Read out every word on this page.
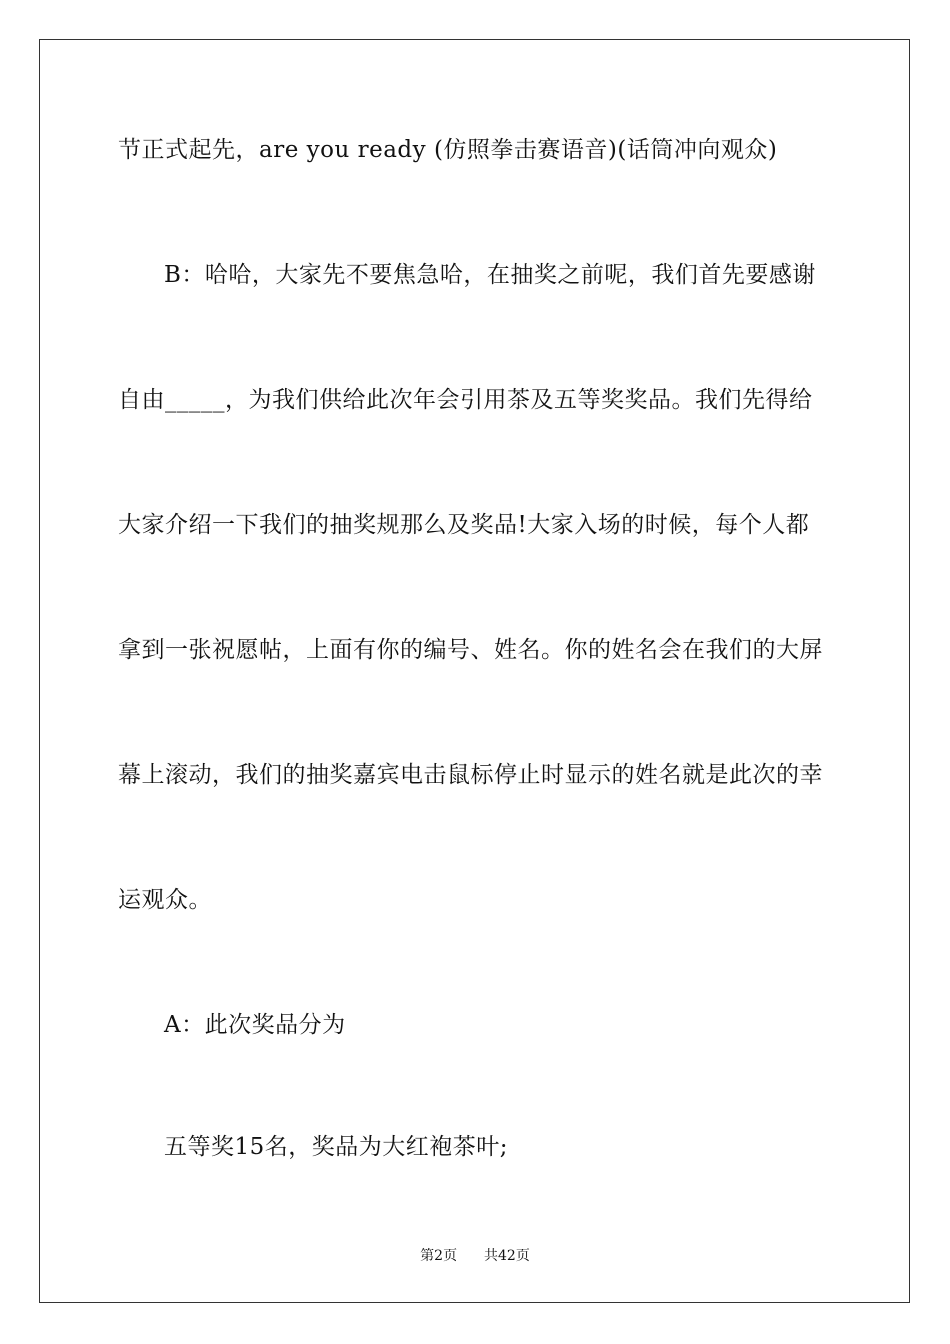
节正式起先，are you ready (仿照拳击赛语音)(话筒冲向观众)
B：哈哈，大家先不要焦急哈，在抽奖之前呢，我们首先要感谢
自由_____，为我们供给此次年会引用茶及五等奖奖品。我们先得给
大家介绍一下我们的抽奖规那么及奖品!大家入场的时候，每个人都
拿到一张祝愿帖，上面有你的编号、姓名。你的姓名会在我们的大屏
幕上滚动，我们的抽奖嘉宾电击鼠标停止时显示的姓名就是此次的幸
运观众。
A：此次奖品分为
五等奖15名，奖品为大红袍茶叶;
第2页 共42页
